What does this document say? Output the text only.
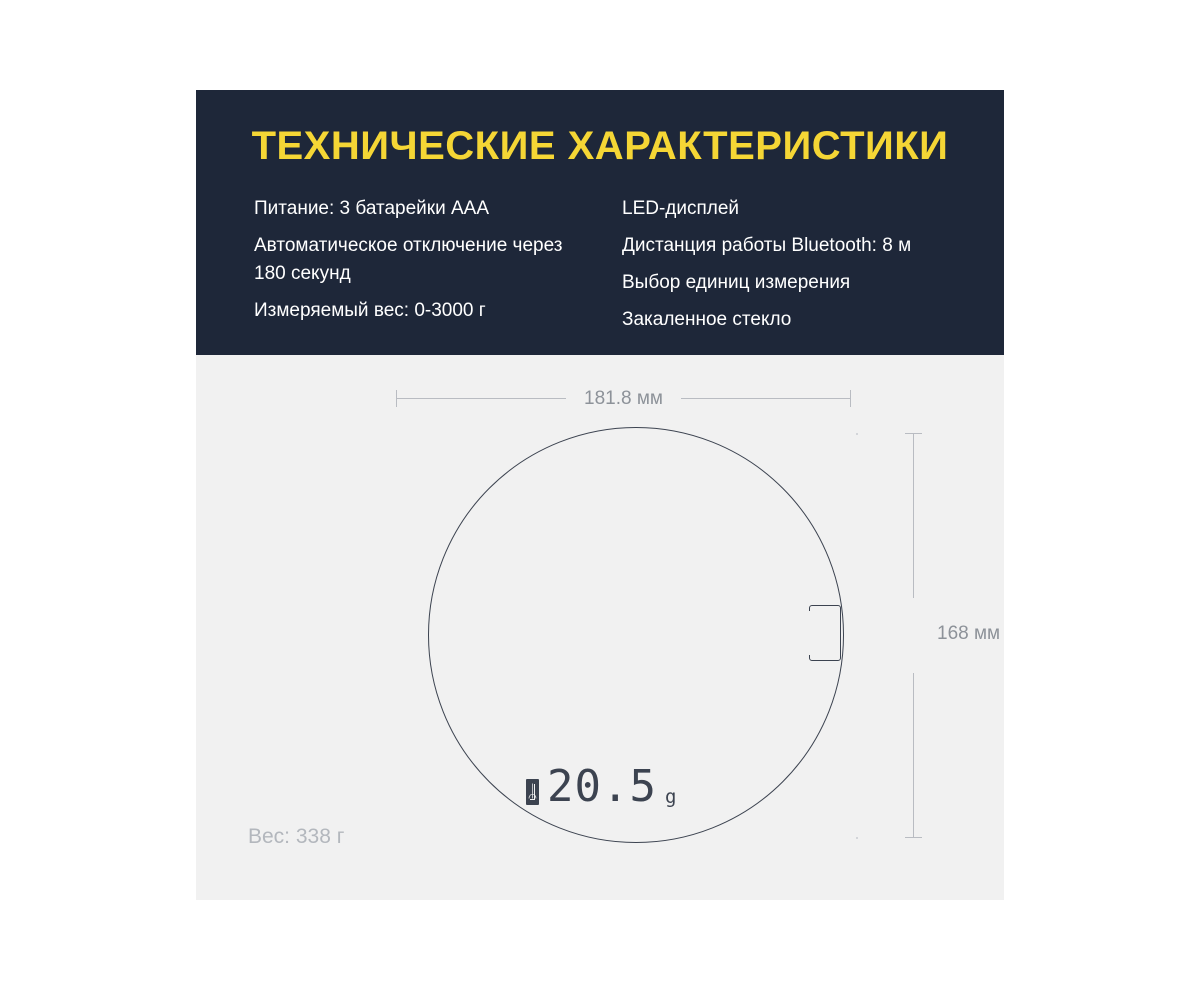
ТЕХНИЧЕСКИЕ ХАРАКТЕРИСТИКИ
Питание: 3 батарейки AAA
Автоматическое отключение через 180 секунд
Измеряемый вес: 0-3000 г
LED-дисплей
Дистанция работы Bluetooth: 8 м
Выбор единиц измерения
Закаленное стекло
181.8 мм
168 мм
ᛦ 20.5 g
Вес: 338 г
